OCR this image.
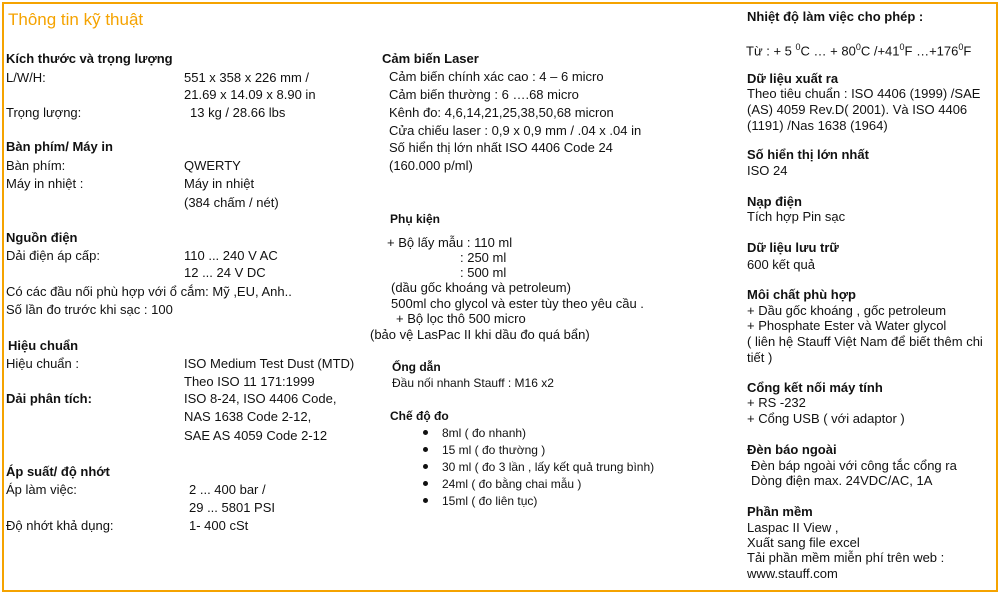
Thông tin kỹ thuật
Kích thước và trọng lượng
L/W/H:	551 x 358 x 226 mm /
21.69 x 14.09 x 8.90 in
Trọng lượng:	13 kg / 28.66 lbs
Bàn phím/ Máy in
Bàn phím:	QWERTY
Máy in nhiệt :	Máy in nhiệt
(384 chấm / nét)
Nguồn điện
Dải điện áp cấp:	110 ... 240 V AC
12 ... 24 V DC
Có các đầu nối phù hợp với ổ cắm: Mỹ ,EU, Anh..
Số lần đo trước khi sạc : 100
Hiệu chuẩn
Hiệu chuẩn :	ISO Medium Test Dust (MTD)
Theo ISO 11 171:1999
Dải phân tích:	ISO 8-24, ISO 4406 Code,
NAS 1638 Code 2-12,
SAE AS 4059 Code 2-12
Áp suất/ độ nhớt
Áp làm việc:	2 ... 400 bar /
29 ... 5801 PSI
Độ nhớt khả dụng:	1- 400 cSt
Cảm biến Laser
Cảm biến chính xác cao : 4 – 6 micro
Cảm biến thường : 6 ….68 micro
Kênh đo: 4,6,14,21,25,38,50,68 micron
Cửa chiếu laser : 0,9 x 0,9 mm / .04 x .04 in
Số hiển thị lớn nhất ISO 4406 Code 24
(160.000 p/ml)
Phụ kiện
+ Bộ lấy mẫu : 110 ml
: 250 ml
: 500 ml
(dầu gốc khoáng và petroleum)
500ml cho glycol và ester tùy theo yêu cầu .
+ Bộ lọc thô 500 micro
(bảo vệ LasPac II khi dầu đo quá bẩn)
Ống dẫn
Đầu nối nhanh Stauff : M16 x2
Chế độ đo
8ml ( đo nhanh)
15 ml ( đo thường )
30 ml ( đo 3 lần , lấy kết quả trung bình)
24ml ( đo bằng chai mẫu )
15ml ( đo liên tục)
Nhiệt độ làm việc cho phép :
Từ : + 5 $^0$C … + $80^0C$ $/+41^0F$ $\dots+176^0F$
Dữ liệu xuất ra
Theo tiêu chuẩn : ISO 4406 (1999) /SAE (AS) 4059 Rev.D( 2001). Và ISO 4406 (1191) /Nas 1638 (1964)
Số hiển thị lớn nhất
ISO 24
Nạp điện
Tích hợp Pin sạc
Dữ liệu lưu trữ
600 kết quả
Môi chất phù hợp
+ Dầu gốc khoáng , gốc petroleum
+ Phosphate Ester và Water glycol
( liên hệ Stauff Việt Nam để biết thêm chi tiết )
Cổng kết nối máy tính
+ RS -232
+ Cổng USB ( với adaptor )
Đèn báo ngoài
Đèn báp ngoài với công tắc cổng ra
Dòng điện max. 24VDC/AC, 1A
Phần mềm
Laspac II View ,
Xuất sang file excel
Tải phần mềm miễn phí trên web :
www.stauff.com
